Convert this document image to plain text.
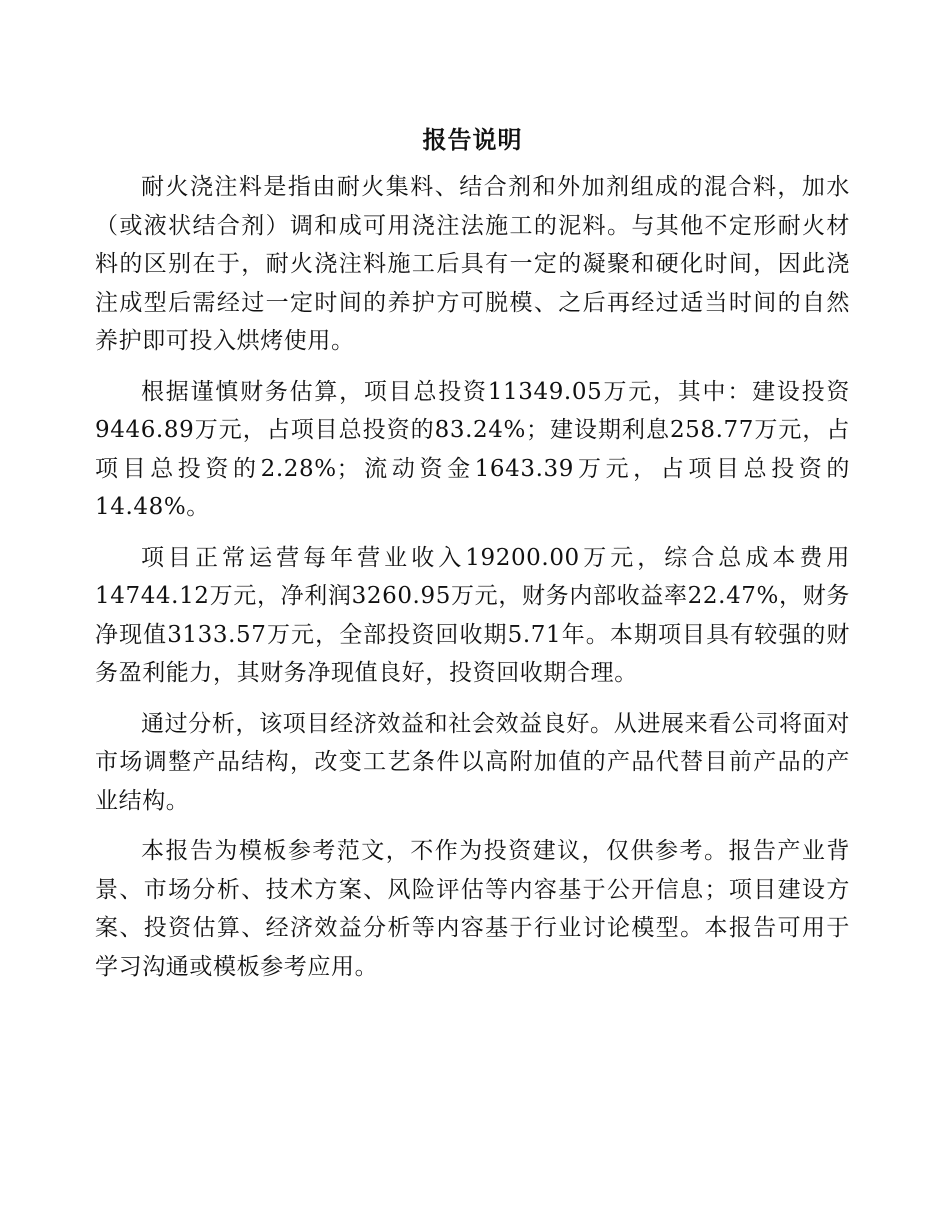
报告说明

耐火浇注料是指由耐火集料、结合剂和外加剂组成的混合料，加水（或液状结合剂）调和成可用浇注法施工的泥料。与其他不定形耐火材料的区别在于，耐火浇注料施工后具有一定的凝聚和硬化时间，因此浇注成型后需经过一定时间的养护方可脱模、之后再经过适当时间的自然养护即可投入烘烤使用。

根据谨慎财务估算，项目总投资11349.05万元，其中：建设投资9446.89万元，占项目总投资的83.24%；建设期利息258.77万元，占项目总投资的2.28%；流动资金1643.39万元，占项目总投资的14.48%。

项目正常运营每年营业收入19200.00万元，综合总成本费用14744.12万元，净利润3260.95万元，财务内部收益率22.47%，财务净现值3133.57万元，全部投资回收期5.71年。本期项目具有较强的财务盈利能力，其财务净现值良好，投资回收期合理。

通过分析，该项目经济效益和社会效益良好。从进展来看公司将面对市场调整产品结构，改变工艺条件以高附加值的产品代替目前产品的产业结构。

本报告为模板参考范文，不作为投资建议，仅供参考。报告产业背景、市场分析、技术方案、风险评估等内容基于公开信息；项目建设方案、投资估算、经济效益分析等内容基于行业讨论模型。本报告可用于学习沟通或模板参考应用。
